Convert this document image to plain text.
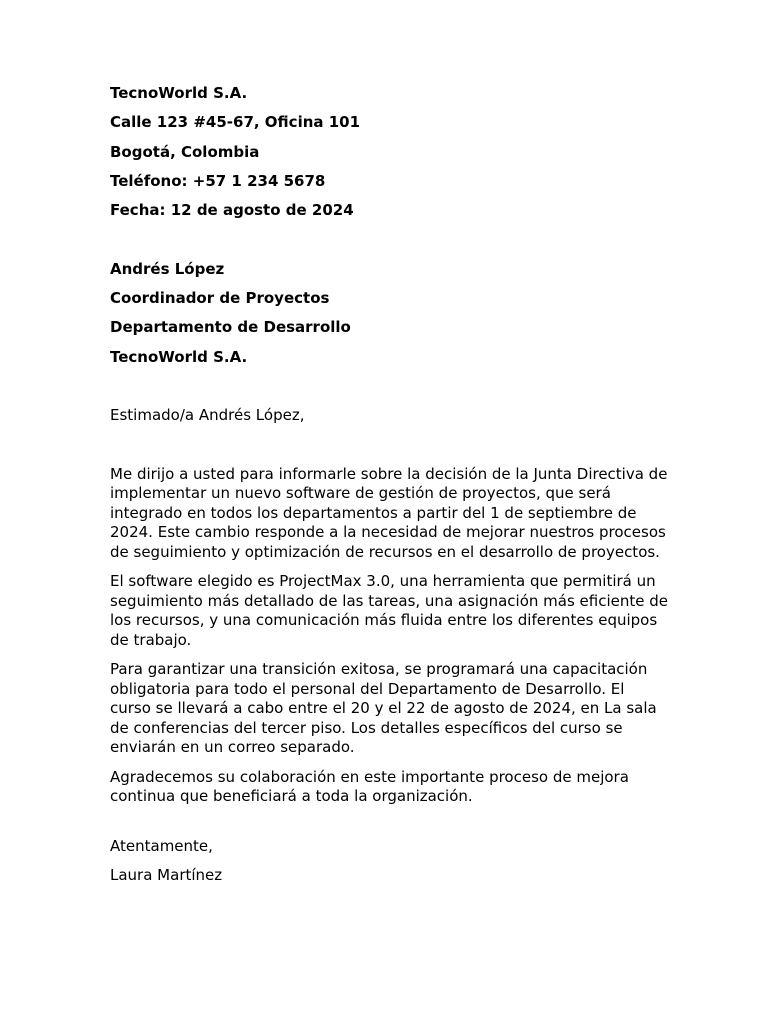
TecnoWorld S.A.

Calle 123 #45-67, Oficina 101

Bogotá, Colombia

Teléfono: +57 1 234 5678

Fecha: 12 de agosto de 2024

Andrés López

Coordinador de Proyectos

Departamento de Desarrollo

TecnoWorld S.A.

Estimado/a Andrés López,

Me dirijo a usted para informarle sobre la decisión de la Junta Directiva de implementar un nuevo software de gestión de proyectos, que será integrado en todos los departamentos a partir del 1 de septiembre de 2024. Este cambio responde a la necesidad de mejorar nuestros procesos de seguimiento y optimización de recursos en el desarrollo de proyectos.

El software elegido es ProjectMax 3.0, una herramienta que permitirá un seguimiento más detallado de las tareas, una asignación más eficiente de los recursos, y una comunicación más fluida entre los diferentes equipos de trabajo.

Para garantizar una transición exitosa, se programará una capacitación obligatoria para todo el personal del Departamento de Desarrollo. El curso se llevará a cabo entre el 20 y el 22 de agosto de 2024, en La sala de conferencias del tercer piso. Los detalles específicos del curso se enviarán en un correo separado.

Agradecemos su colaboración en este importante proceso de mejora continua que beneficiará a toda la organización.

Atentamente,

Laura Martínez
